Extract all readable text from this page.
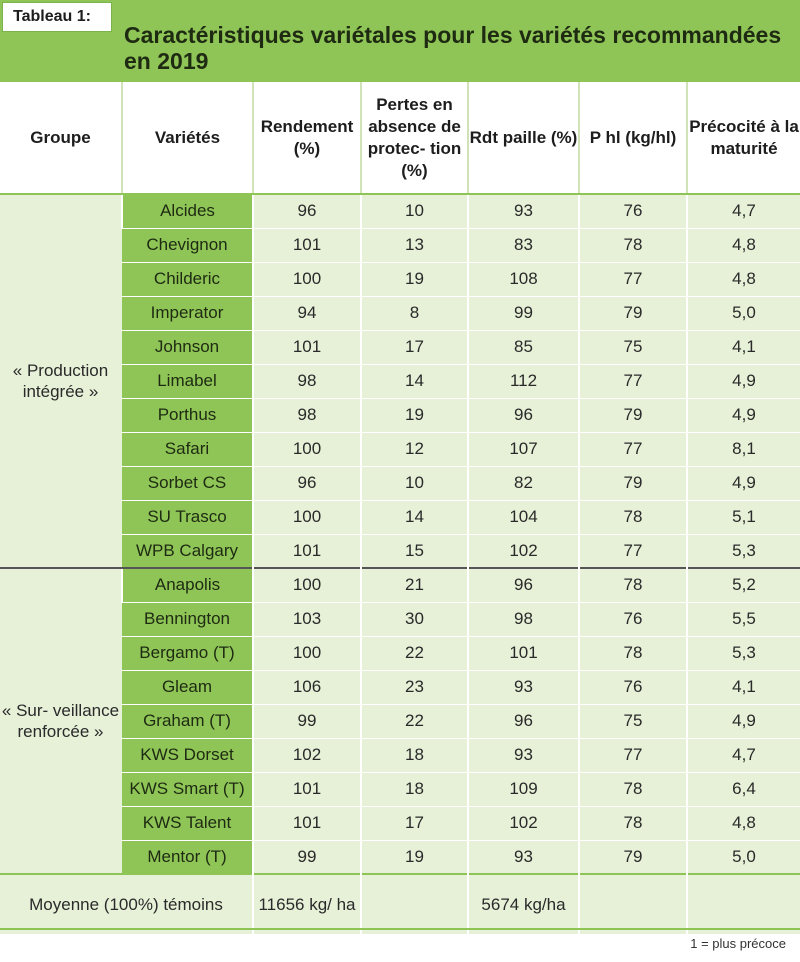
Tableau 1:
Caractéristiques variétales pour les variétés recommandées en 2019
Groupe	Variétés	Rendement (%)	Pertes en absence de protec- tion (%)	Rdt paille (%)	P hl (kg/hl)	Précocité à la maturité
« Production intégrée »	Alcides	96	10	93	76	4,7
	Chevignon	101	13	83	78	4,8
	Childeric	100	19	108	77	4,8
	Imperator	94	8	99	79	5,0
	Johnson	101	17	85	75	4,1
	Limabel	98	14	112	77	4,9
	Porthus	98	19	96	79	4,9
	Safari	100	12	107	77	8,1
	Sorbet CS	96	10	82	79	4,9
	SU Trasco	100	14	104	78	5,1
	WPB Calgary	101	15	102	77	5,3
« Sur- veillance renforcée »	Anapolis	100	21	96	78	5,2
	Bennington	103	30	98	76	5,5
	Bergamo (T)	100	22	101	78	5,3
	Gleam	106	23	93	76	4,1
	Graham (T)	99	22	96	75	4,9
	KWS Dorset	102	18	93	77	4,7
	KWS Smart (T)	101	18	109	78	6,4
	KWS Talent	101	17	102	78	4,8
	Mentor (T)	99	19	93	79	5,0
Moyenne (100%) témoins		11656 kg/ ha		5674 kg/ha		
1 = plus précoce
